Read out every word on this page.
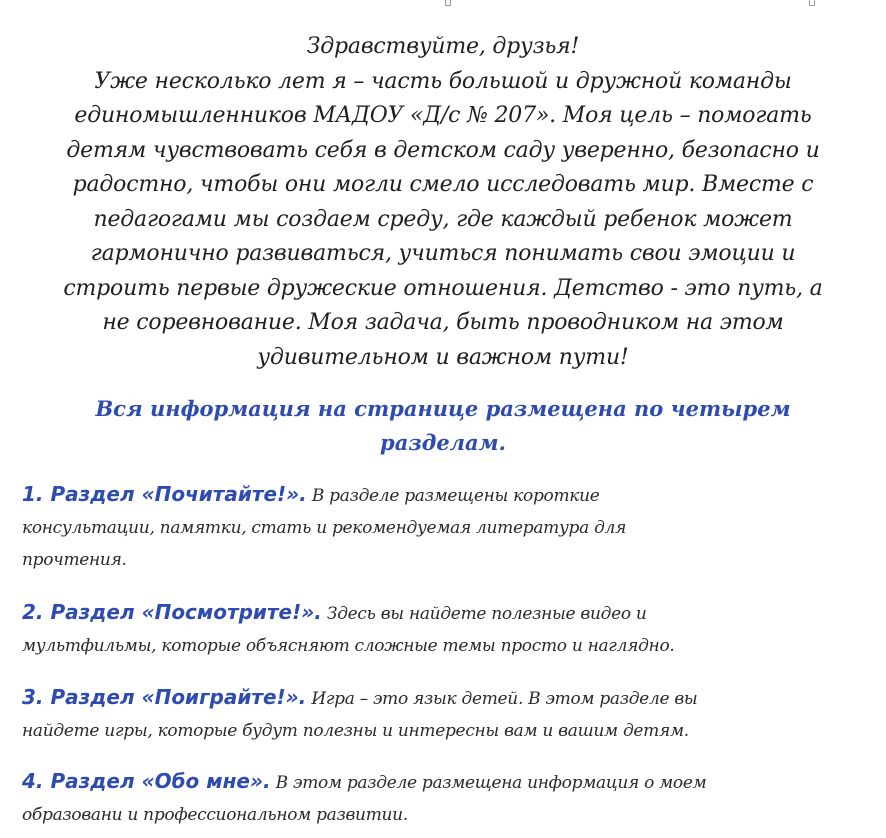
Здравствуйте, друзья!
Уже несколько лет я – часть большой и дружной команды
единомышленников МАДОУ «Д/с № 207». Моя цель – помогать
детям чувствовать себя в детском саду уверенно, безопасно и
радостно, чтобы они могли смело исследовать мир. Вместе с
педагогами мы создаем среду, где каждый ребенок может
гармонично развиваться, учиться понимать свои эмоции и
строить первые дружеские отношения. Детство - это путь, а
не соревнование. Моя задача, быть проводником на этом
удивительном и важном пути!
Вся информация на странице размещена по четырем
разделам.
1. Раздел «Почитайте!». В разделе размещены короткие
консультации, памятки, стать и рекомендуемая литература для
прочтения.
2. Раздел «Посмотрите!». Здесь вы найдете полезные видео и
мультфильмы, которые объясняют сложные темы просто и наглядно.
3. Раздел «Поиграйте!». Игра – это язык детей. В этом разделе вы
найдете игры, которые будут полезны и интересны вам и вашим детям.
4. Раздел «Обо мне». В этом разделе размещена информация о моем
образовани и профессиональном развитии.
